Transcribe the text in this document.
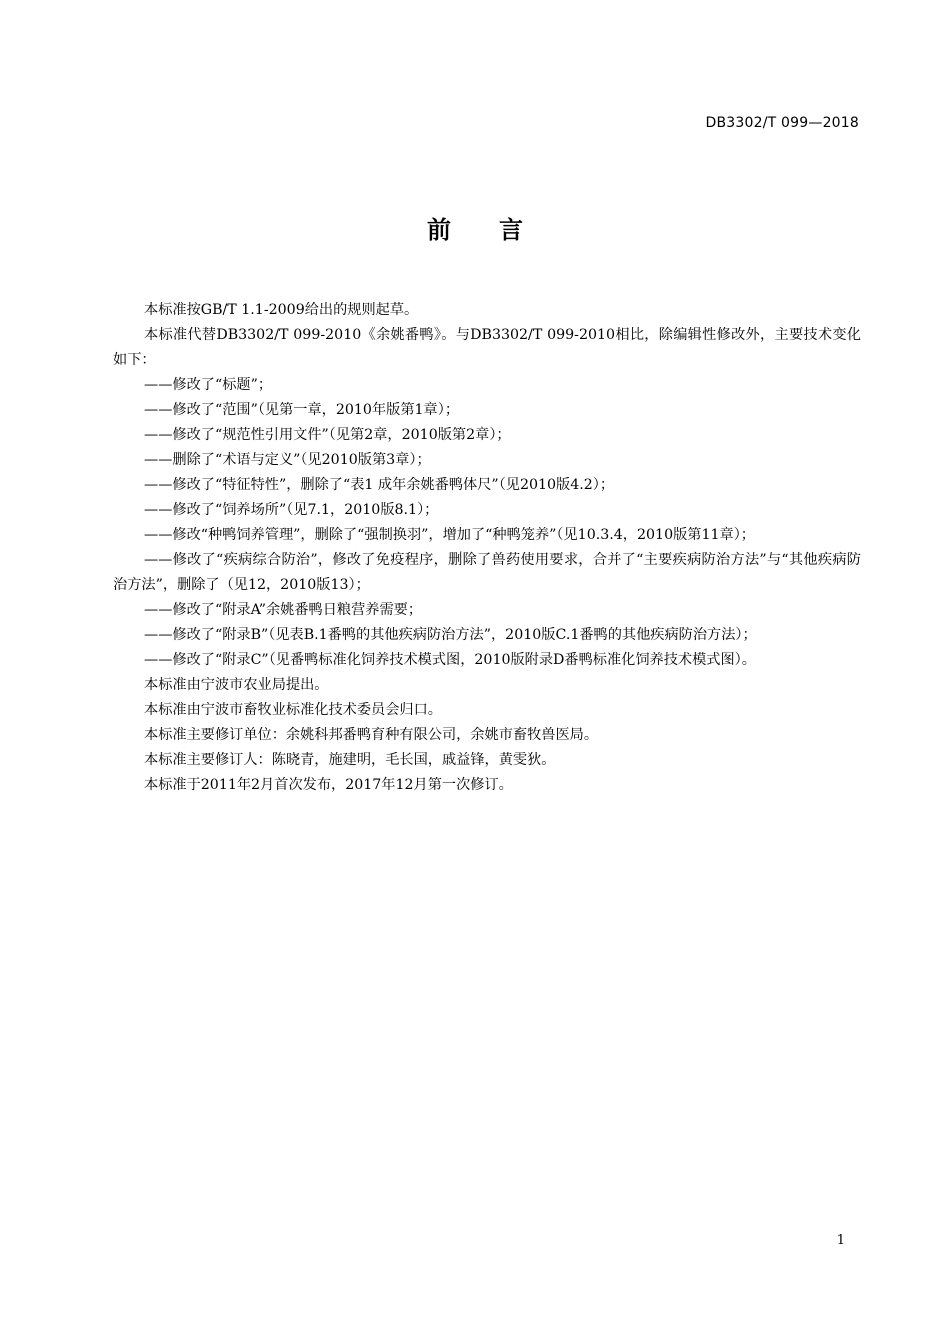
DB3302/T 099—2018
前 言

本标准按GB/T 1.1-2009给出的规则起草。

本标准代替DB3302/T 099-2010《余姚番鸭》。与DB3302/T 099-2010相比，除编辑性修改外，主要技术变化如下：

——修改了“标题”；

——修改了“范围”（见第一章，2010年版第1章）；

——修改了“规范性引用文件”（见第2章，2010版第2章）；

——删除了“术语与定义”（见2010版第3章）；

——修改了“特征特性”，删除了“表1 成年余姚番鸭体尺”（见2010版4.2）；

——修改了“饲养场所”（见7.1，2010版8.1）；

——修改“种鸭饲养管理”，删除了“强制换羽”，增加了“种鸭笼养”（见10.3.4，2010版第11章）；

——修改了“疾病综合防治”，修改了免疫程序，删除了兽药使用要求，合并了“主要疾病防治方法”与“其他疾病防治方法”，删除了（见12，2010版13）；

——修改了“附录A”余姚番鸭日粮营养需要；

——修改了“附录B”（见表B.1番鸭的其他疾病防治方法”，2010版C.1番鸭的其他疾病防治方法）；

——修改了“附录C”（见番鸭标准化饲养技术模式图，2010版附录D番鸭标准化饲养技术模式图）。

本标准由宁波市农业局提出。

本标准由宁波市畜牧业标准化技术委员会归口。

本标准主要修订单位：余姚科邦番鸭育种有限公司，余姚市畜牧兽医局。

本标准主要修订人：陈晓青，施建明，毛长国，戚益锋，黄雯狄。

本标准于2011年2月首次发布，2017年12月第一次修订。

1
